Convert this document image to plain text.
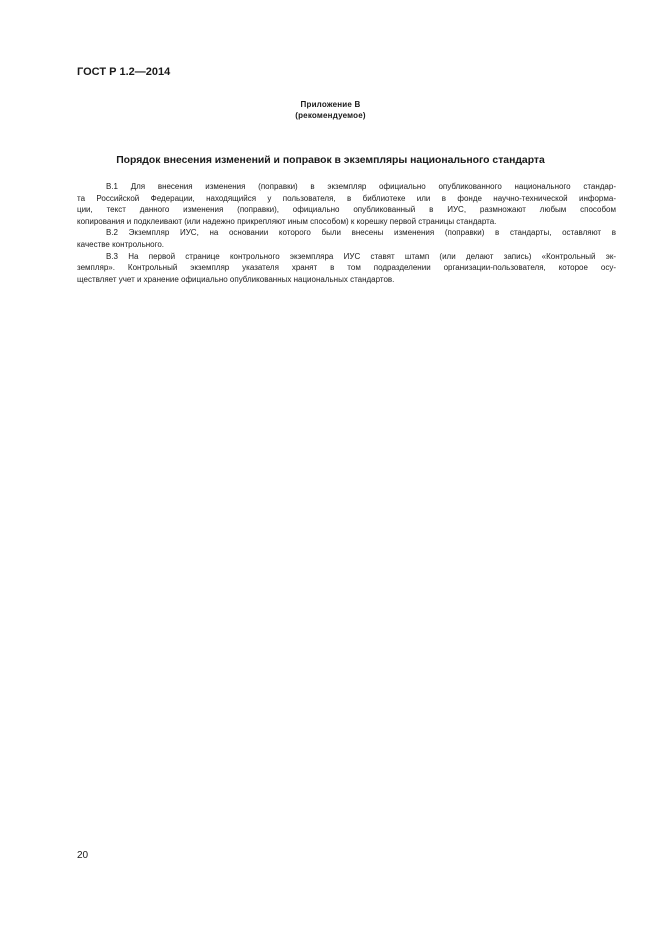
ГОСТ Р 1.2—2014
Приложение В
(рекомендуемое)
Порядок внесения изменений и поправок в экземпляры национального стандарта
В.1 Для внесения изменения (поправки) в экземпляр официально опубликованного национального стандар-
та Российской Федерации, находящийся у пользователя, в библиотеке или в фонде научно-технической информа-
ции, текст данного изменения (поправки), официально опубликованный в ИУС, размножают любым способом
копирования и подклеивают (или надежно прикрепляют иным способом) к корешку первой страницы стандарта.
В.2 Экземпляр ИУС, на основании которого были внесены изменения (поправки) в стандарты, оставляют в
качестве контрольного.
В.3 На первой странице контрольного экземпляра ИУС ставят штамп (или делают запись) «Контрольный эк-
земпляр». Контрольный экземпляр указателя хранят в том подразделении организации-пользователя, которое осу-
ществляет учет и хранение официально опубликованных национальных стандартов.
20
